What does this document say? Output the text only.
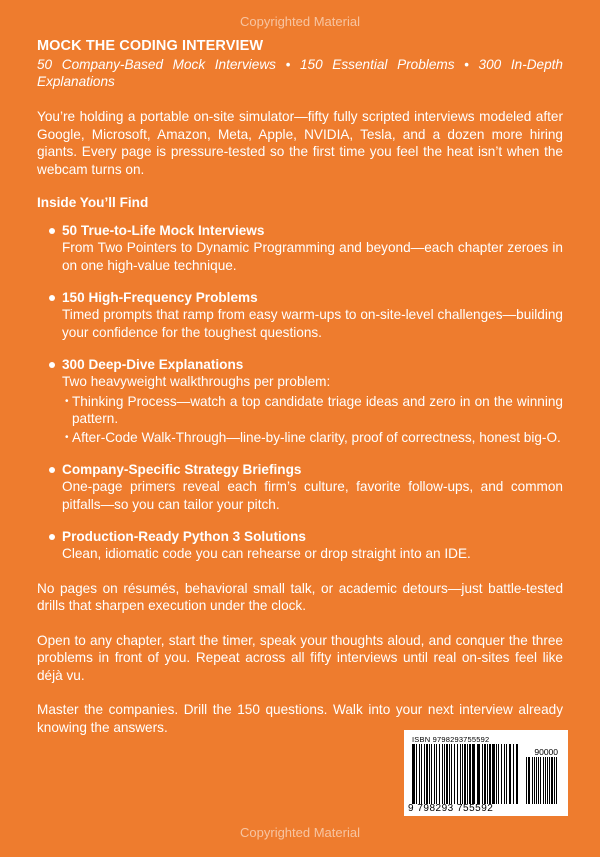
Copyrighted Material
MOCK THE CODING INTERVIEW
50 Company-Based Mock Interviews • 150 Essential Problems • 300 In-Depth Explanations

You’re holding a portable on-site simulator—fifty fully scripted interviews modeled after Google, Microsoft, Amazon, Meta, Apple, NVIDIA, Tesla, and a dozen more hiring giants. Every page is pressure-tested so the first time you feel the heat isn’t when the webcam turns on.

Inside You’ll Find
50 True-to-Life Mock Interviews
From Two Pointers to Dynamic Programming and beyond—each chapter zeroes in on one high-value technique.
150 High-Frequency Problems
Timed prompts that ramp from easy warm-ups to on-site-level challenges—building your confidence for the toughest questions.
300 Deep-Dive Explanations
Two heavyweight walkthroughs per problem:
• Thinking Process—watch a top candidate triage ideas and zero in on the winning pattern.
• After-Code Walk-Through—line-by-line clarity, proof of correctness, honest big-O.
Company-Specific Strategy Briefings
One-page primers reveal each firm’s culture, favorite follow-ups, and common pitfalls—so you can tailor your pitch.
Production-Ready Python 3 Solutions
Clean, idiomatic code you can rehearse or drop straight into an IDE.

No pages on résumés, behavioral small talk, or academic detours—just battle-tested drills that sharpen execution under the clock.

Open to any chapter, start the timer, speak your thoughts aloud, and conquer the three problems in front of you. Repeat across all fifty interviews until real on-sites feel like déjà vu.

Master the companies. Drill the 150 questions. Walk into your next interview already knowing the answers.

ISBN 9798293755592
90000
9 798293 755592
Copyrighted Material
